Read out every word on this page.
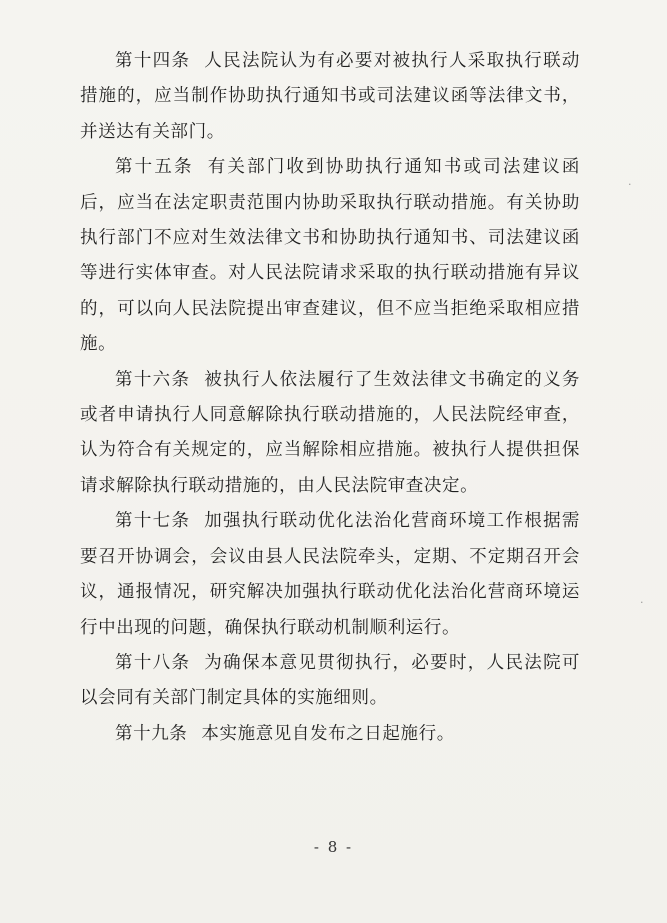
第十四条 人民法院认为有必要对被执行人采取执行联动措施的，应当制作协助执行通知书或司法建议函等法律文书，并送达有关部门。

第十五条 有关部门收到协助执行通知书或司法建议函后，应当在法定职责范围内协助采取执行联动措施。有关协助执行部门不应对生效法律文书和协助执行通知书、司法建议函等进行实体审查。对人民法院请求采取的执行联动措施有异议的，可以向人民法院提出审查建议，但不应当拒绝采取相应措施。

第十六条 被执行人依法履行了生效法律文书确定的义务或者申请执行人同意解除执行联动措施的，人民法院经审查，认为符合有关规定的，应当解除相应措施。被执行人提供担保请求解除执行联动措施的，由人民法院审查决定。

第十七条 加强执行联动优化法治化营商环境工作根据需要召开协调会，会议由县人民法院牵头，定期、不定期召开会议，通报情况，研究解决加强执行联动优化法治化营商环境运行中出现的问题，确保执行联动机制顺利运行。

第十八条 为确保本意见贯彻执行，必要时，人民法院可以会同有关部门制定具体的实施细则。

第十九条 本实施意见自发布之日起施行。

- 8 -
·
·
